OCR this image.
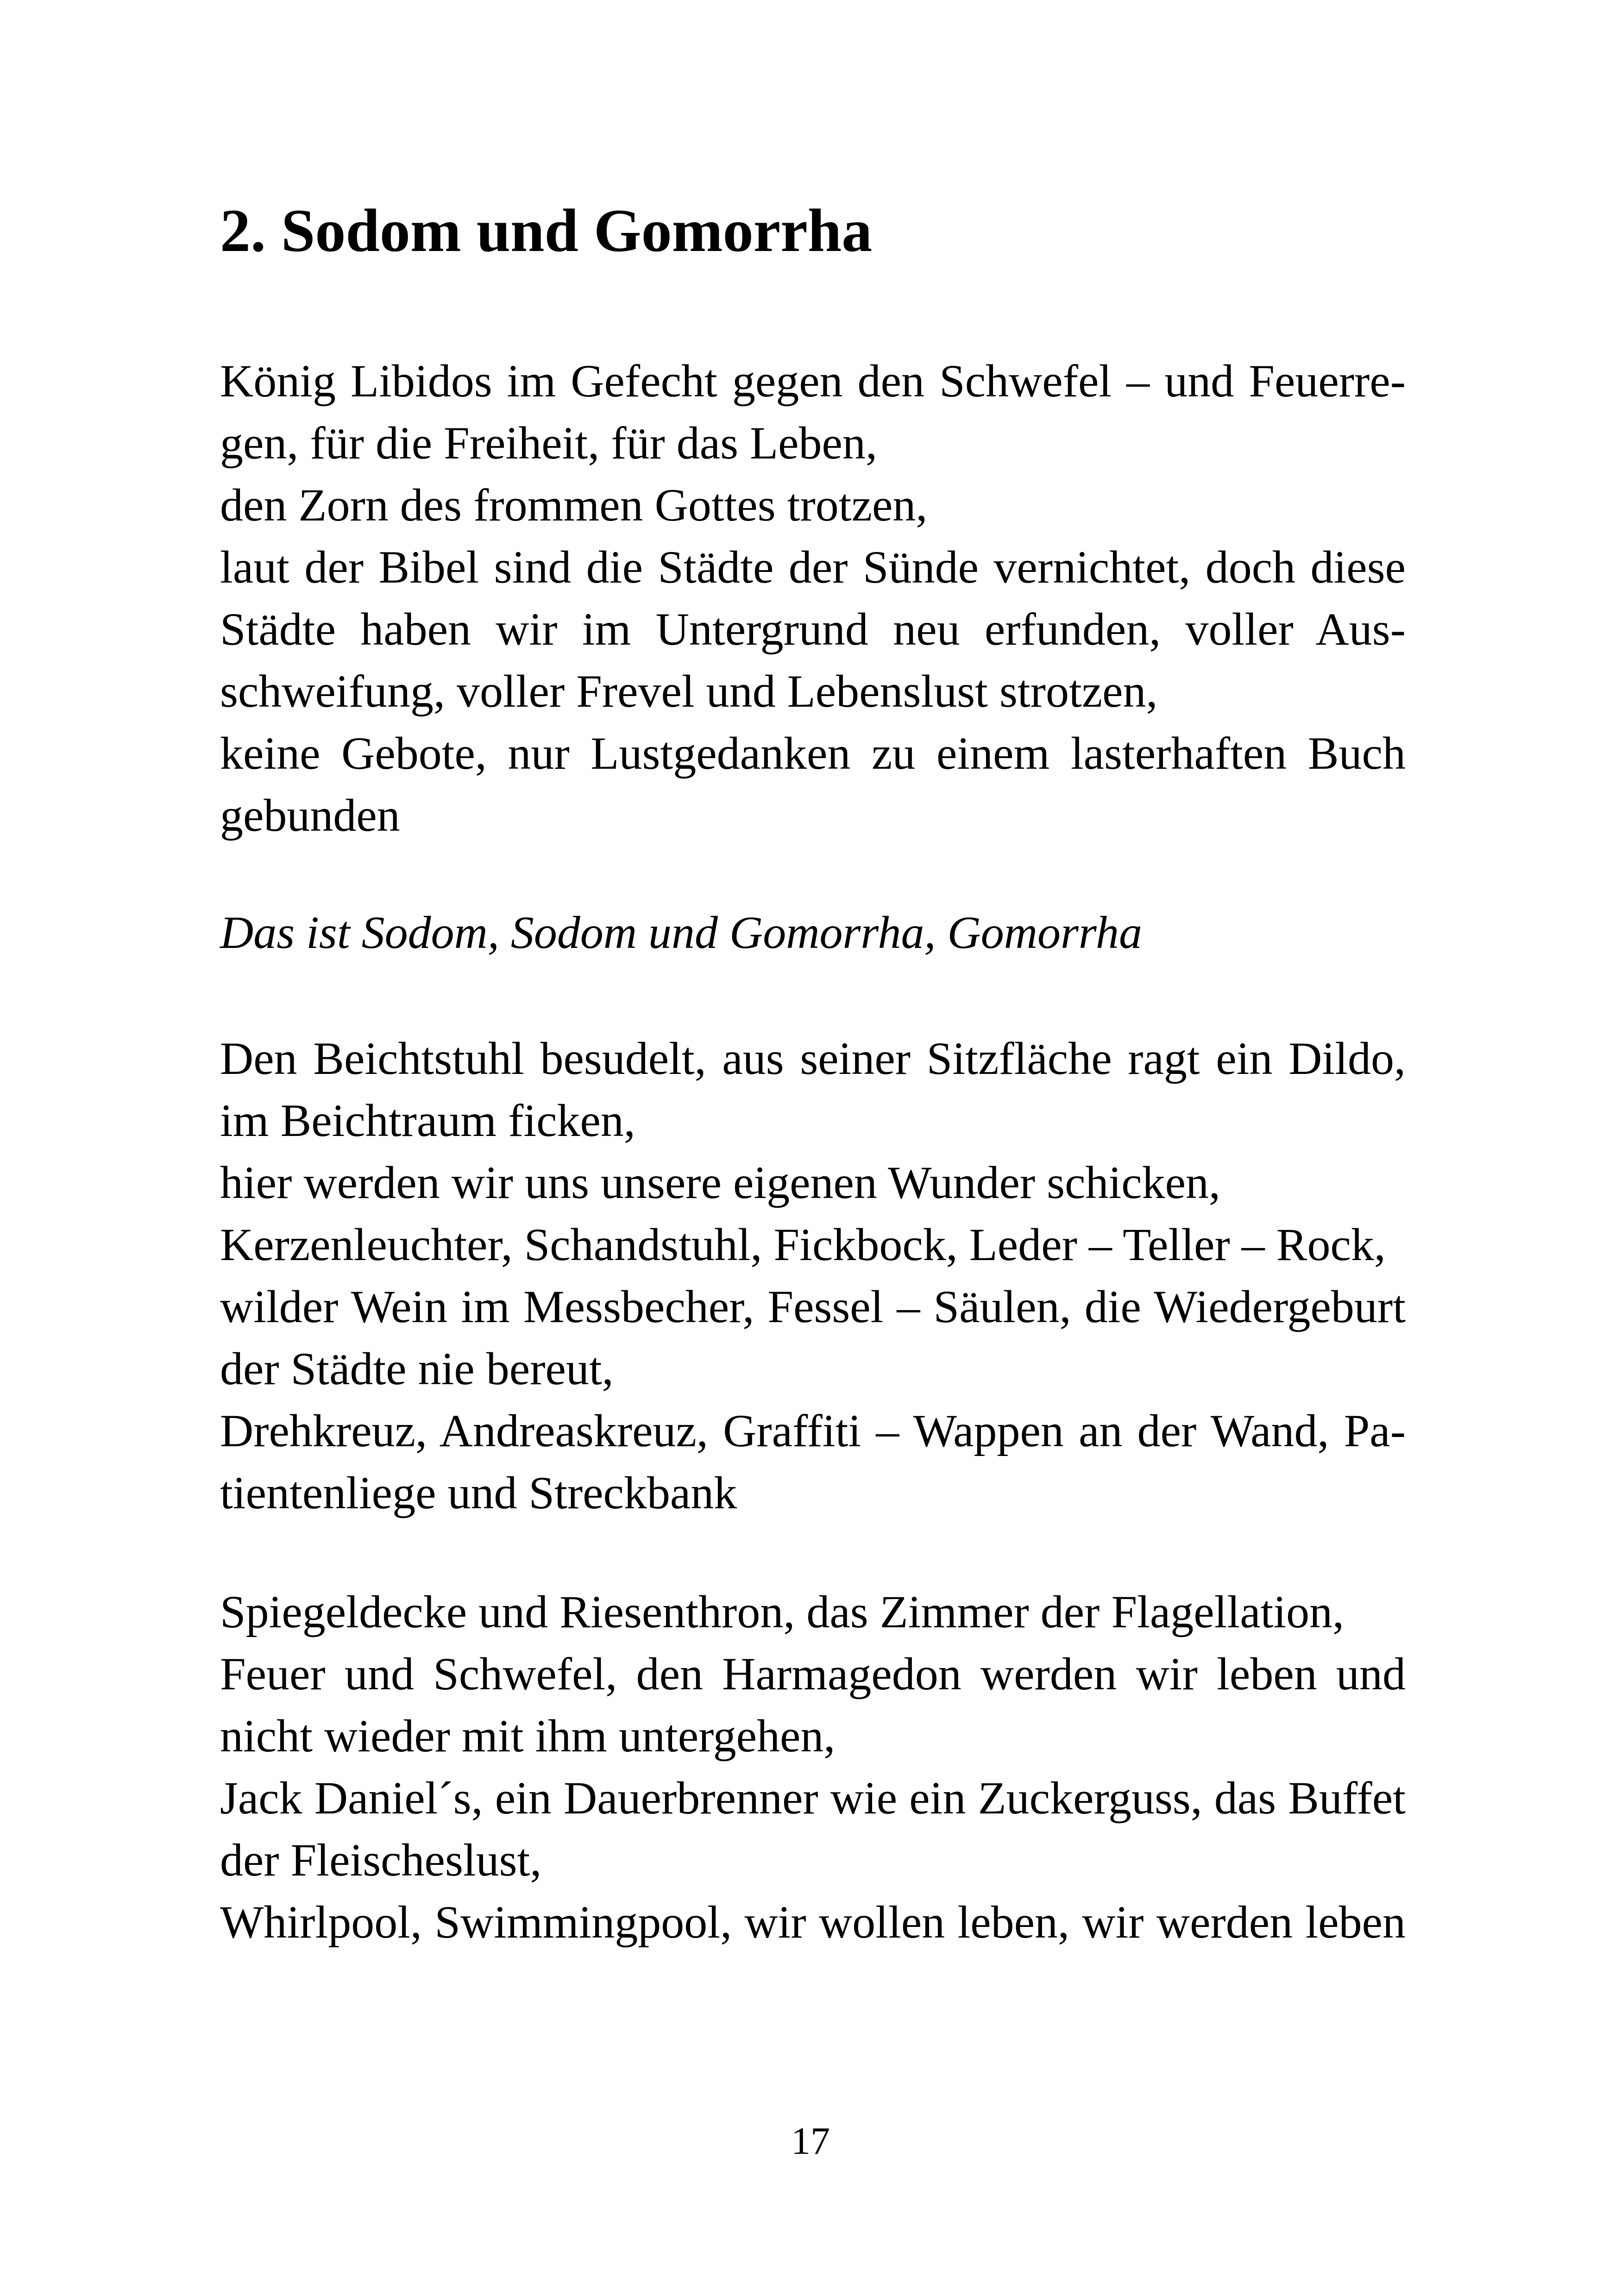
2. Sodom und Gomorrha
König Libidos im Gefecht gegen den Schwefel – und Feuerre-
gen, für die Freiheit, für das Leben,
den Zorn des frommen Gottes trotzen,
laut der Bibel sind die Städte der Sünde vernichtet, doch diese
Städte haben wir im Untergrund neu erfunden, voller Aus-
schweifung, voller Frevel und Lebenslust strotzen,
keine Gebote, nur Lustgedanken zu einem lasterhaften Buch
gebunden
Das ist Sodom, Sodom und Gomorrha, Gomorrha
Den Beichtstuhl besudelt, aus seiner Sitzfläche ragt ein Dildo,
im Beichtraum ficken,
hier werden wir uns unsere eigenen Wunder schicken,
Kerzenleuchter, Schandstuhl, Fickbock, Leder – Teller – Rock,
wilder Wein im Messbecher, Fessel – Säulen, die Wiedergeburt
der Städte nie bereut,
Drehkreuz, Andreaskreuz, Graffiti – Wappen an der Wand, Pa-
tientenliege und Streckbank
Spiegeldecke und Riesenthron, das Zimmer der Flagellation,
Feuer und Schwefel, den Harmagedon werden wir leben und
nicht wieder mit ihm untergehen,
Jack Daniel´s, ein Dauerbrenner wie ein Zuckerguss, das Buffet
der Fleischeslust,
Whirlpool, Swimmingpool, wir wollen leben, wir werden leben
17
